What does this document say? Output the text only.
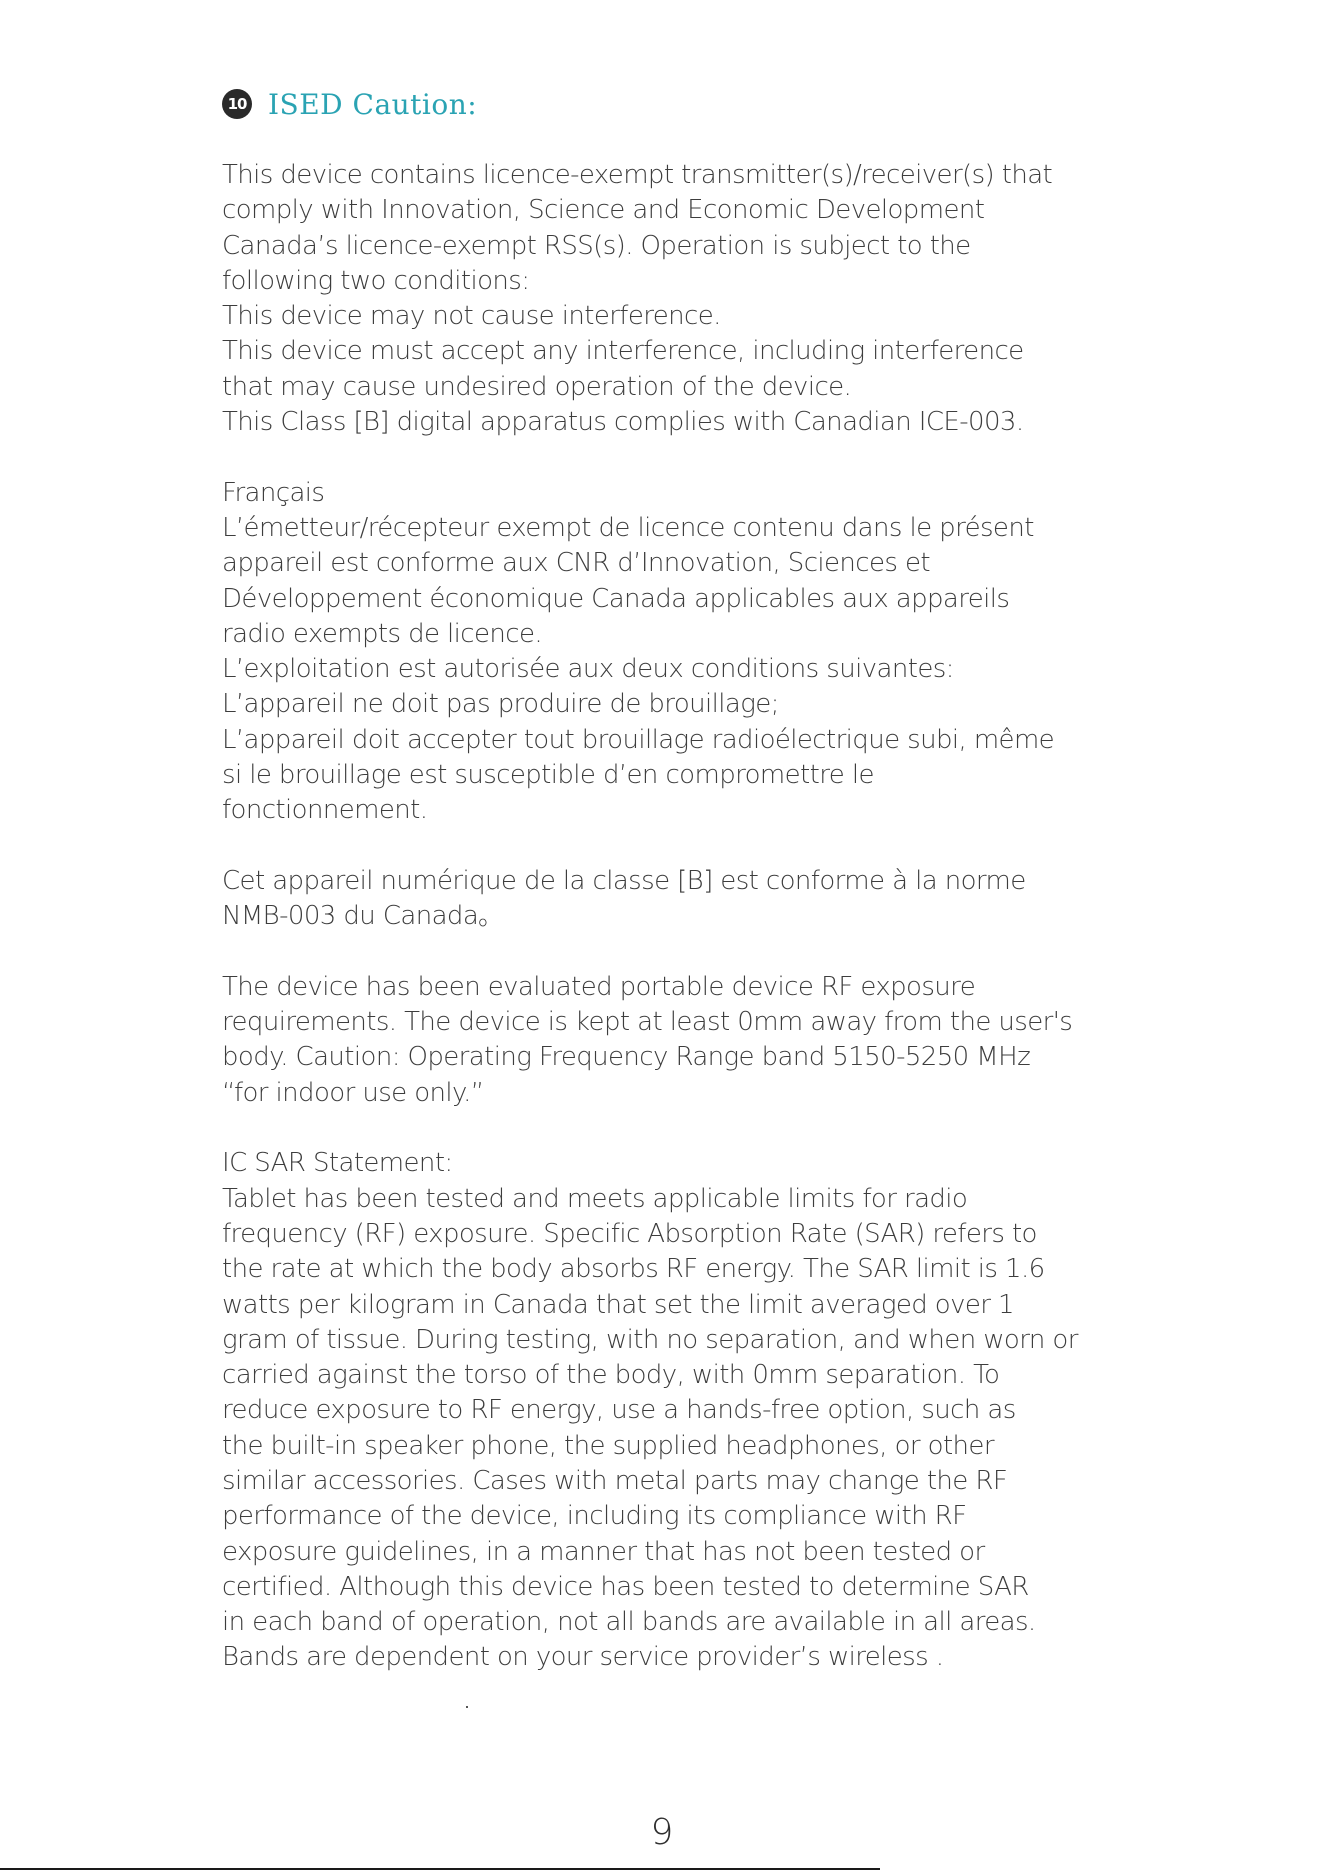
10 ISED Caution:
This device contains licence-exempt transmitter(s)/receiver(s) that
comply with Innovation, Science and Economic Development
Canada’s licence-exempt RSS(s). Operation is subject to the
following two conditions:
This device may not cause interference.
This device must accept any interference, including interference
that may cause undesired operation of the device.
This Class [B] digital apparatus complies with Canadian ICE-003.
Français
L’émetteur/récepteur exempt de licence contenu dans le présent
appareil est conforme aux CNR d’Innovation, Sciences et
Développement économique Canada applicables aux appareils
radio exempts de licence.
L’exploitation est autorisée aux deux conditions suivantes:
L’appareil ne doit pas produire de brouillage;
L’appareil doit accepter tout brouillage radioélectrique subi, même
si le brouillage est susceptible d’en compromettre le
fonctionnement.
Cet appareil numérique de la classe [B] est conforme à la norme
NMB-003 du Canada。
The device has been evaluated portable device RF exposure
requirements. The device is kept at least 0mm away from the user's
body. Caution: Operating Frequency Range band 5150-5250 MHz
“for indoor use only.”
IC SAR Statement:
Tablet has been tested and meets applicable limits for radio
frequency (RF) exposure. Specific Absorption Rate (SAR) refers to
the rate at which the body absorbs RF energy. The SAR limit is 1.6
watts per kilogram in Canada that set the limit averaged over 1
gram of tissue. During testing, with no separation, and when worn or
carried against the torso of the body, with 0mm separation. To
reduce exposure to RF energy, use a hands-free option, such as
the built-in speaker phone, the supplied headphones, or other
similar accessories. Cases with metal parts may change the RF
performance of the device, including its compliance with RF
exposure guidelines, in a manner that has not been tested or
certified. Although this device has been tested to determine SAR
in each band of operation, not all bands are available in all areas.
Bands are dependent on your service provider’s wireless .
9
